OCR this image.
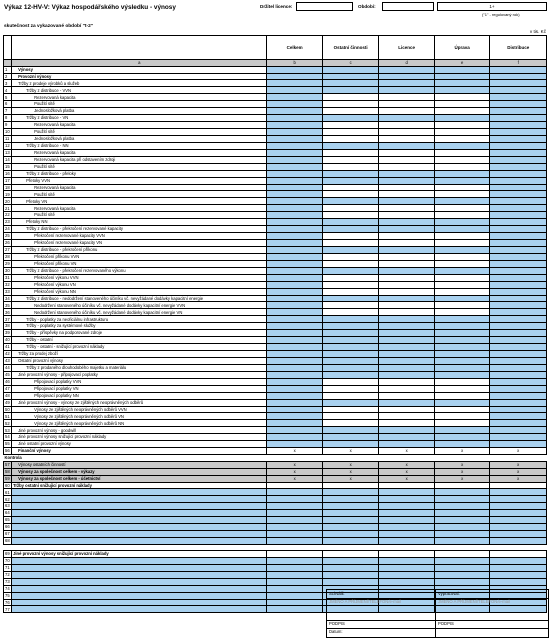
Výkaz 12-HV-V: Výkaz hospodářského výsledku - výnosy	Držitel licence:	Období:	1+
("1" - regulovaný rok)
skutečnost za vykazované období "t-2"
v tis. Kč
		Celkem	Ostatní činnosti	Licence	Úprava	Distribuce
	a	b	c	d	e	f
1	Výnosy					
2	Provozní výnosy					
3	Tržby z prodeje výrobků a služeb					
4	Tržby z distribuce - VVN					
5	Rezervovaná kapacita					
6	Použití sítě					
7	Jednosložková platba					
8	Tržby z distribuce - VN					
9	Rezervovaná kapacita					
10	Použití sítě					
11	Jednosložková platba					
12	Tržby z distribuce - NN					
13	Rezervovaná kapacita					
14	Rezervovaná kapacita při odstavením zdroji					
15	Použití sítě					
16	Tržby z distribuce - přeloky					
17	Přetoky VVN					
18	Rezervovaná kapacita					
19	Použití sítě					
20	Přetoky VN					
21	Rezervovaná kapacita					
22	Použití sítě					
23	Přetoky NN					
24	Tržby z distribuce - překročení rezervované kapacity					
25	Překročení rezervované kapacity VVN					
26	Překročení rezervované kapacity VN					
27	Tržby z distribuce - překročení příkonu					
28	Překročení příkonu VVN					
29	Překročení příkonu VN					
30	Tržby z distribuce - překročení rezervovaného výkonu					
31	Překročení výkonu VVN					
32	Překročení výkonu VN					
33	Překročení výkonu NN					
34	Tržby z distribuce - nedodržení stanoveného účiníku vč. nevyžádané dodávky kapacitní energie					
35	Nedodržení stanoveného účiníku vč. nevyžádané dodávky kapacitní energie VVN					
36	Nedodržení stanoveného účiníku vč. nevyžádané dodávky kapacitní energie VN					
37	Tržby - poplatky za neoficiálnu infrastrukturu					
38	Tržby - poplatky za systémové služby					
39	Tržby - příspěvky na podporované zdroje					
40	Tržby - ostatní					
41	Tržby - ostatní - snižující provozní náklady					
42	Tržby za prodej zboží					
43	Ostatní provozní výnosy					
44	Tržby z prodaného dlouhodobého majetku a materiálu					
45	Jiné provozní výnosy - připojovací poplatky					
46	Připojovací poplatky VVN					
47	Připojovací poplatky VN					
48	Připojovací poplatky NN					
49	Jiné provozní výnosy - výnosy ze zjištěných neoprávněných odběrů					
50	Výnosy ze zjištěných neoprávněných odběrů VVN					
51	Výnosy ze zjištěných neoprávněných odběrů VN					
52	Výnosy ze zjištěných neoprávněných odběrů NN					
53	Jiné provozní výnosy - goodwill					
54	Jiné provozní výnosy snižující provozní náklady					
55	Jiné ostatní provozní výnosy					
56	Finanční výnosy	x	x	x	x	x
Kontrola						
57	Výnosy ostatních činností	x	x	x	x	x
58	Výnosy za společnost celkem - výkazy	x	x	x	x	x
59	Výnosy za společnost celkem - účetnictví	x	x	x	x	x
60	Tržby ostatní snižující provozní náklady					
61						
62						
63						
64						
65						
66						
67						
68						

69	Jiné provozní výnosy snižující provozní náklady					
70						
71						
72						
73						
74						
75						
76						
77						
Schválil:	Vypracoval:
JMÉNO A PŘÍJMENÍ/TELEFON/e-mail	JMÉNO A PŘÍJMENÍ/TELEFON/e-mail
PODPIS	PODPIS
Datum:
